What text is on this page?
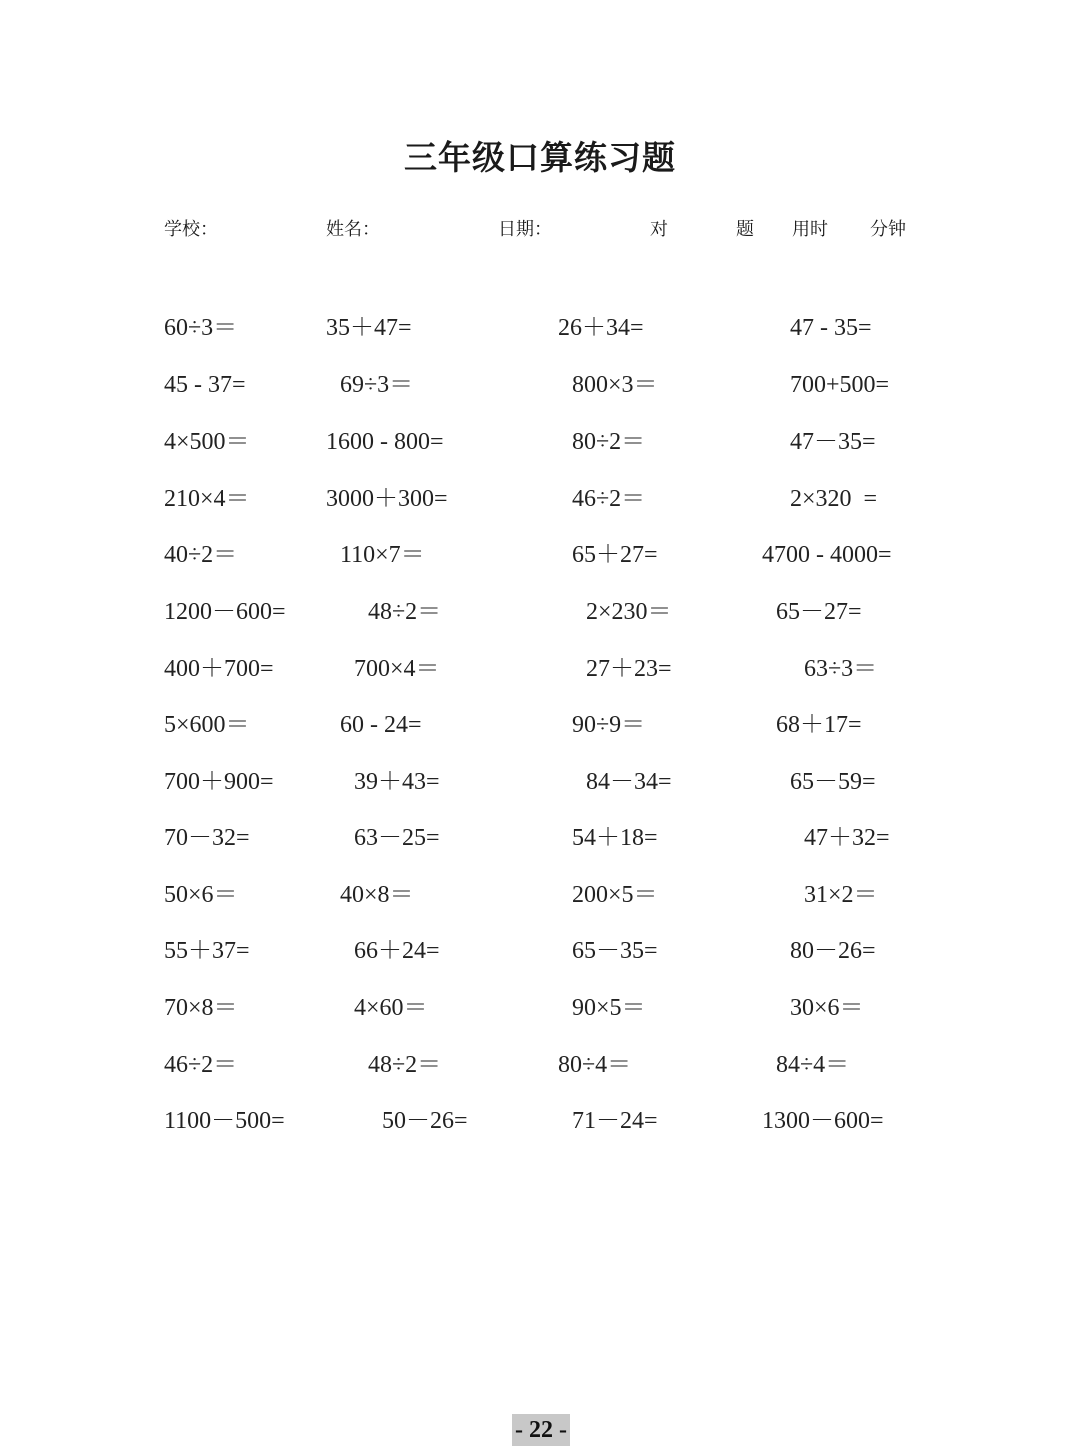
三年级口算练习题
学校：	姓名：	日期：	对	题 用时 分钟
60÷3＝	35＋47=	26＋34=	47 - 35=
45 - 37=	69÷3＝	800×3＝	700+500=
4×500＝	1600 - 800=	80÷2＝	47－35=
210×4＝	3000＋300=	46÷2＝	2×320  =
40÷2＝	110×7＝	65＋27=	4700 - 4000=
1200－600=	48÷2＝	2×230＝	65－27=
400＋700=	700×4＝	27＋23=	63÷3＝
5×600＝	60 - 24=	90÷9＝	68＋17=
700＋900=	39＋43=	84－34=	65－59=
70－32=	63－25=	54＋18=	47＋32=
50×6＝	40×8＝	200×5＝	31×2＝
55＋37=	66＋24=	65－35=	80－26=
70×8＝	4×60＝	90×5＝	30×6＝
46÷2＝	48÷2＝	80÷4＝	84÷4＝
1100－500=	50－26=	71－24=	1300－600=
- 22 -
